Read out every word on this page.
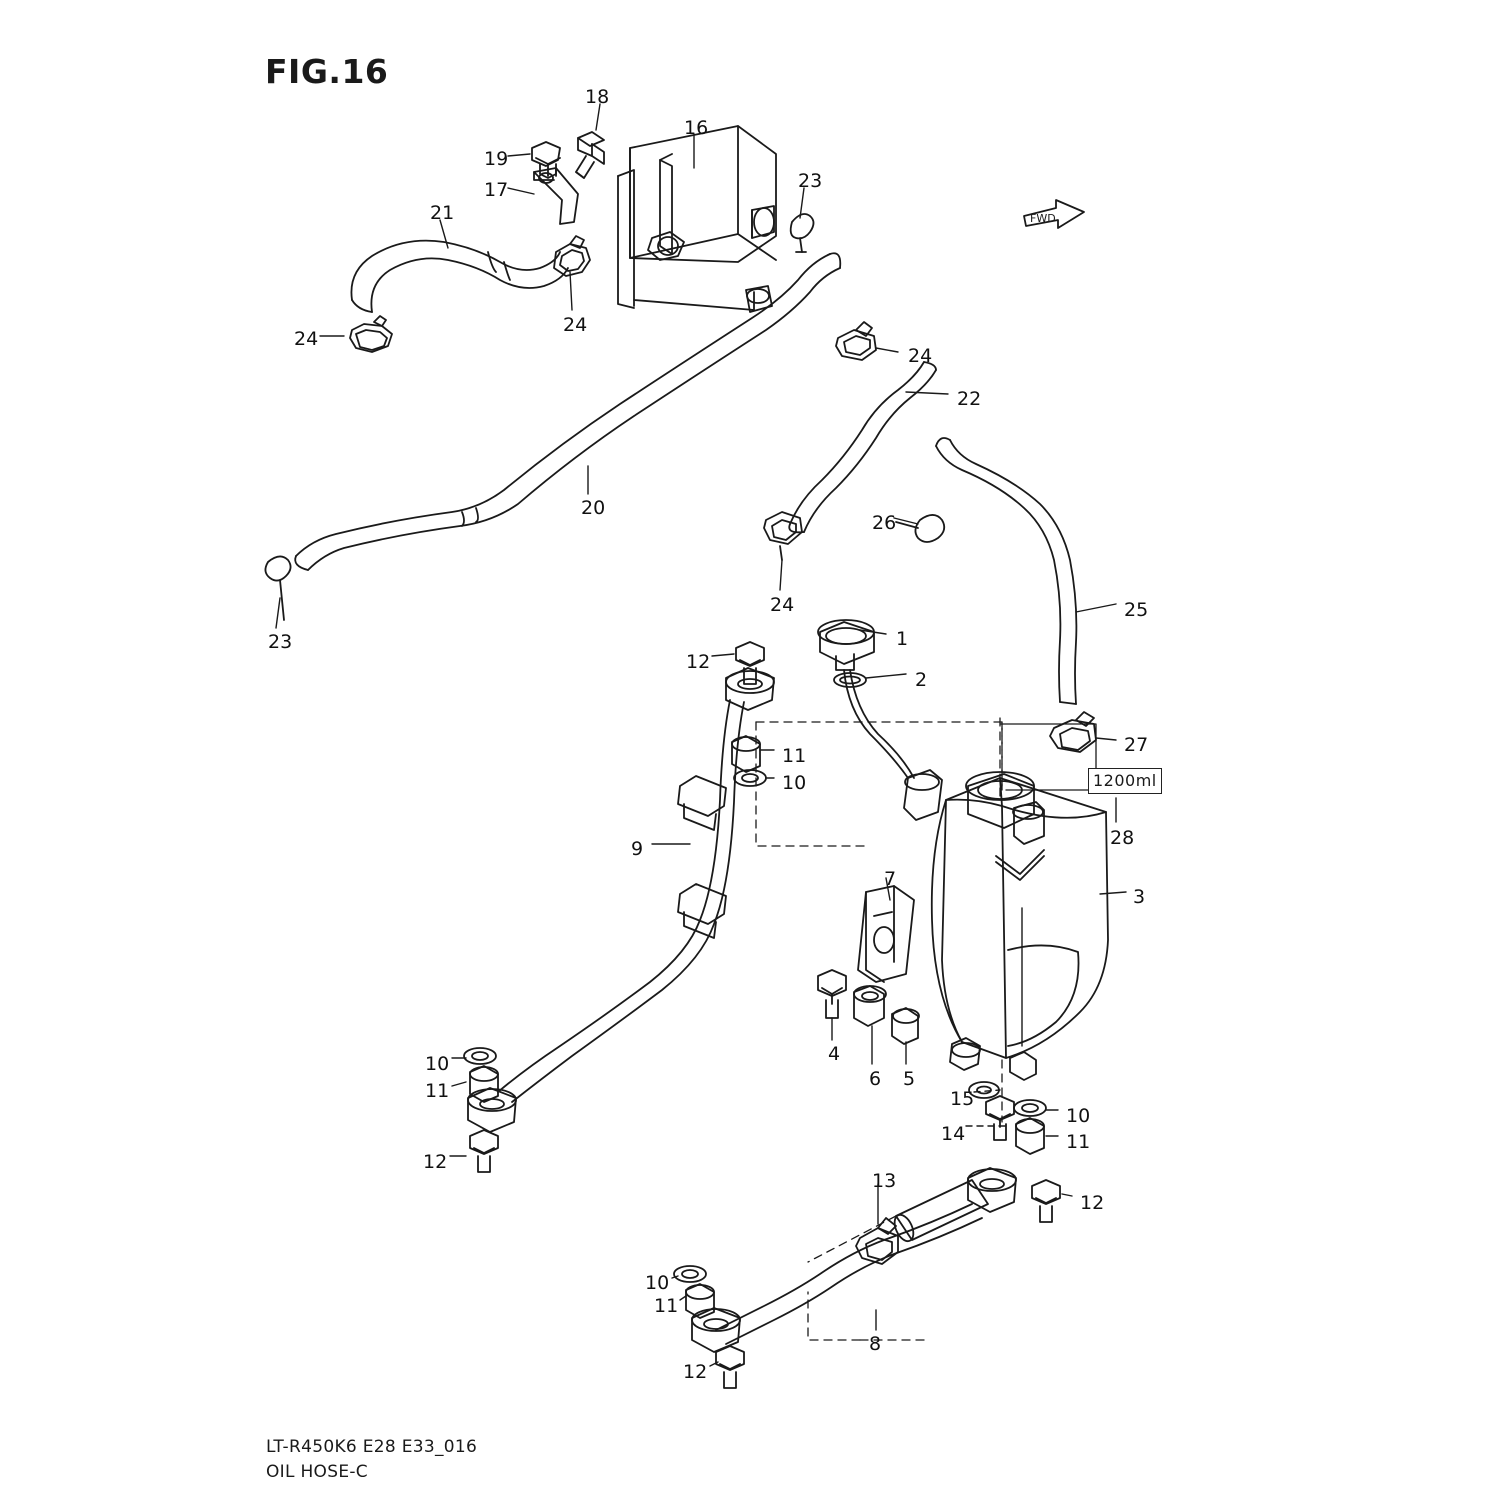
FIG.16
FWD
1200ml
18
16
19
23
17
21
24
24
24
22
20
26
24	25
23	1
12
2
27
11
10
28
9
7
3
4
10
6 5
11	15
10
14	11
12
13
12
10
11
8
12
LT-R450K6 E28 E33_016
OIL HOSE-C
